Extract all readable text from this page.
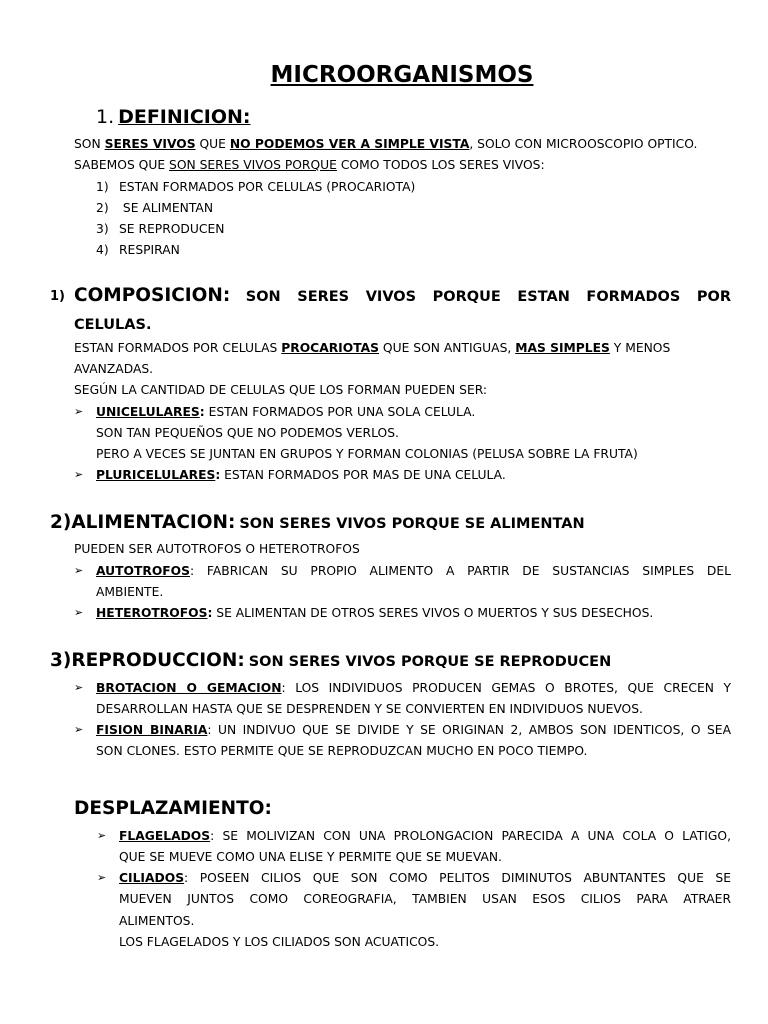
MICROORGANISMOS
1. DEFINICION:
SON SERES VIVOS QUE NO PODEMOS VER A SIMPLE VISTA, SOLO CON MICROOSCOPIO OPTICO.
SABEMOS QUE SON SERES VIVOS PORQUE COMO TODOS LOS SERES VIVOS:
1) ESTAN FORMADOS POR CELULAS (PROCARIOTA)
2) SE ALIMENTAN
3) SE REPRODUCEN
4) RESPIRAN
1) COMPOSICION: SON SERES VIVOS PORQUE ESTAN FORMADOS POR
CELULAS.
ESTAN FORMADOS POR CELULAS PROCARIOTAS QUE SON ANTIGUAS, MAS SIMPLES Y MENOS
AVANZADAS.
SEGÚN LA CANTIDAD DE CELULAS QUE LOS FORMAN PUEDEN SER:
➢ UNICELULARES: ESTAN FORMADOS POR UNA SOLA CELULA.
SON TAN PEQUEÑOS QUE NO PODEMOS VERLOS.
PERO A VECES SE JUNTAN EN GRUPOS Y FORMAN COLONIAS (PELUSA SOBRE LA FRUTA)
➢ PLURICELULARES: ESTAN FORMADOS POR MAS DE UNA CELULA.
2)ALIMENTACION: SON SERES VIVOS PORQUE SE ALIMENTAN
PUEDEN SER AUTOTROFOS O HETEROTROFOS
➢ AUTOTROFOS: FABRICAN SU PROPIO ALIMENTO A PARTIR DE SUSTANCIAS SIMPLES DEL
AMBIENTE.
➢ HETEROTROFOS: SE ALIMENTAN DE OTROS SERES VIVOS O MUERTOS Y SUS DESECHOS.
3)REPRODUCCION: SON SERES VIVOS PORQUE SE REPRODUCEN
➢ BROTACION O GEMACION: LOS INDIVIDUOS PRODUCEN GEMAS O BROTES, QUE CRECEN Y
DESARROLLAN HASTA QUE SE DESPRENDEN Y SE CONVIERTEN EN INDIVIDUOS NUEVOS.
➢ FISION BINARIA: UN INDIVUO QUE SE DIVIDE Y SE ORIGINAN 2, AMBOS SON IDENTICOS, O SEA
SON CLONES. ESTO PERMITE QUE SE REPRODUZCAN MUCHO EN POCO TIEMPO.
DESPLAZAMIENTO:
➢ FLAGELADOS: SE MOLIVIZAN CON UNA PROLONGACION PARECIDA A UNA COLA O LATIGO,
QUE SE MUEVE COMO UNA ELISE Y PERMITE QUE SE MUEVAN.
➢ CILIADOS: POSEEN CILIOS QUE SON COMO PELITOS DIMINUTOS ABUNTANTES QUE SE
MUEVEN JUNTOS COMO COREOGRAFIA, TAMBIEN USAN ESOS CILIOS PARA ATRAER
ALIMENTOS.
LOS FLAGELADOS Y LOS CILIADOS SON ACUATICOS.
